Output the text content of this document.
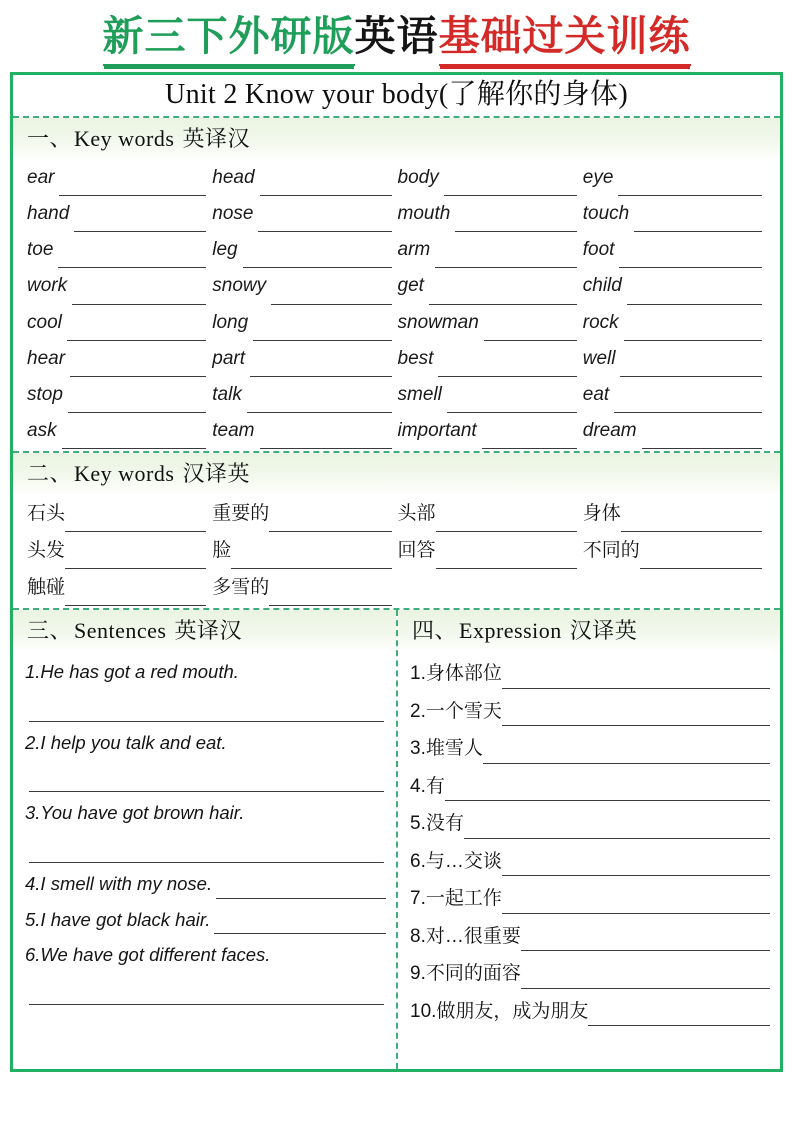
新三下外研版 英语 基础过关训练
Unit 2 Know your body(了解你的身体)
一、Key words 英译汉
ear	head	body	eye
hand	nose	mouth	touch
toe	leg	arm	foot
work	snowy	get	child
cool	long	snowman	rock
hear	part	best	well
stop	talk	smell	eat
ask	team	important	dream
二、Key words 汉译英
石头	重要的	头部	身体
头发	脸	回答	不同的
触碰	多雪的
三、Sentences 英译汉
1.He has got a red mouth.
2.I help you talk and eat.
3.You have got brown hair.
4.I smell with my nose.
5.I have got black hair.
6.We have got different faces.
四、Expression 汉译英
1.身体部位
2.一个雪天
3.堆雪人
4.有
5.没有
6.与…交谈
7.一起工作
8.对…很重要
9.不同的面容
10.做朋友，成为朋友
